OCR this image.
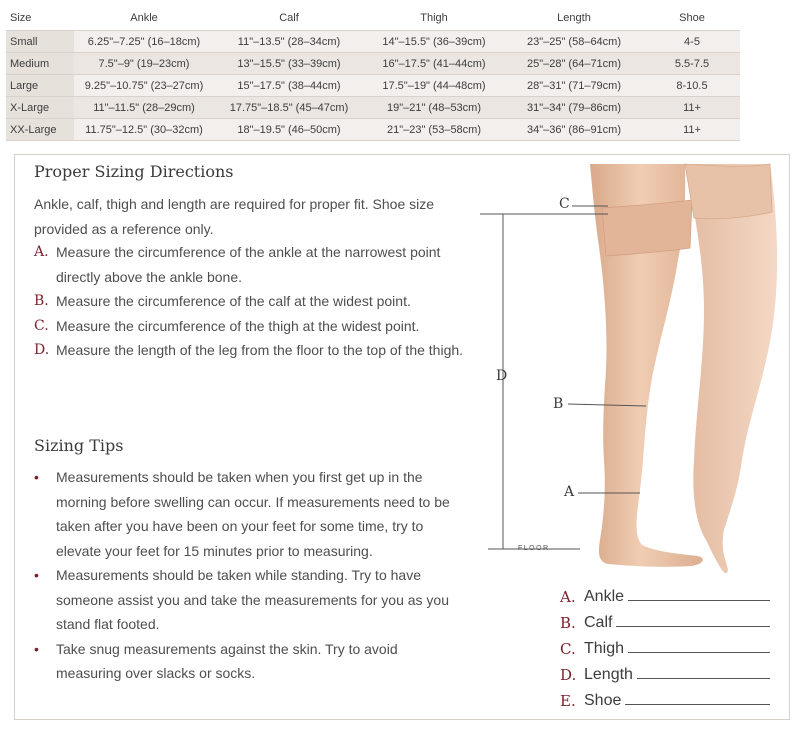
Size	Ankle	Calf	Thigh	Length	Shoe
Small	6.25"–7.25" (16–18cm)	11"–13.5" (28–34cm)	14"–15.5" (36–39cm)	23"–25" (58–64cm)	4-5
Medium	7.5"–9" (19–23cm)	13"–15.5" (33–39cm)	16"–17.5" (41–44cm)	25"–28" (64–71cm)	5.5-7.5
Large	9.25"–10.75" (23–27cm)	15"–17.5" (38–44cm)	17.5"–19" (44–48cm)	28"–31" (71–79cm)	8-10.5
X-Large	11"–11.5" (28–29cm)	17.75"–18.5" (45–47cm)	19"–21" (48–53cm)	31"–34" (79–86cm)	11+
XX-Large	11.75"–12.5" (30–32cm)	18"–19.5" (46–50cm)	21"–23" (53–58cm)	34"–36" (86–91cm)	11+
Proper Sizing Directions
Ankle, calf, thigh and length are required for proper fit. Shoe size provided as a reference only.
A. Measure the circumference of the ankle at the narrowest point directly above the ankle bone.
B. Measure the circumference of the calf at the widest point.
C. Measure the circumference of the thigh at the widest point.
D. Measure the length of the leg from the floor to the top of the thigh.
Sizing Tips
•	Measurements should be taken when you first get up in the morning before swelling can occur. If measurements need to be taken after you have been on your feet for some time, try to elevate your feet for 15 minutes prior to measuring.
•	Measurements should be taken while standing. Try to have someone assist you and take the measurements for you as you stand flat footed.
•	Take snug measurements against the skin. Try to avoid measuring over slacks or socks.
C
D
B
A
FLOOR
A. Ankle
B. Calf
C. Thigh
D. Length
E. Shoe
